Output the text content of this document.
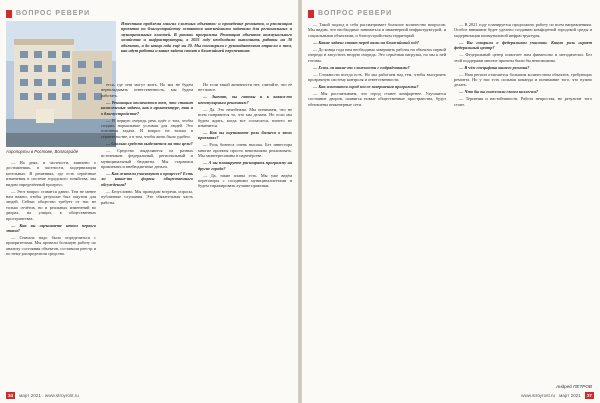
ВОПРОС РЕВЕРИ
Аэропорты в Ростове, Волгограде
Известная проблема многих сложных объектов: и проведение ремонтов, и реализация проектов по благоустройству остаются важнейшими задачами для региональных и муниципальных властей. В рамках программы Реновация объектов коммунального хозяйства и инфраструктуры, в 2021 году необходимо выполнить работы на 30 объектах, а до конца года ещё на 20. Мы поговорили с руководителями отрасли о том, как идут работы и какие задачи стоят в ближайшей перспективе.

— На днях, в частности, заявлено о достижениях, в частности, модернизации котельных. В решениях, где есть серьёзные изменения в системе городского хозяйства, мы видим определённый прогресс.

— Этот вопрос ставится давно. Тем не менее нам важно, чтобы результат был ощутим для людей. Сейчас общество требует от нас не только отчётов, но и реальных изменений во дворах, на улицах, в общественных пространствах.

— Как вы оцениваете итоги первого этапа?

— Сначала надо было определиться с приоритетами. Мы провели большую работу по анализу состояния объектов, составили реестр и по нему распределили средства.

ется, где они могут жить. Но мы не будем перекладывать ответственность, мы будем работать.

— Реновация отличается тем, что ставит комплексные задачи, как в архитектуре, так и в благоустройстве?

— В первую очередь речь идёт о том, чтобы создать нормальные условия для людей. Это основная задача. И вопрос не только в строительстве, а в том, чтобы жить было удобно.

— Сколько средств выделяется на эти цели?

— Средства выделяются из разных источников: федеральный, региональный и муниципальный бюджеты. Мы стараемся привлекать и внебюджетные деньги.

— Как жители участвуют в процессе? Есть ли какие-то формы общественного обсуждения?

— Безусловно. Мы проводим встречи, опросы, публичные слушания. Это обязательная часть работы.

Но если такой активности нет, считайте, что её нет вовсе.

— Значит, вы готовы и к каким-то непопулярным решениям?

— Да. Это неизбежно. Мы понимаем, что не всем понравится то, что мы делаем. Но если мы будем ждать, когда все согласятся, ничего не изменится.

— Как вы оцениваете роль бизнеса в этих проектах?

— Роль бизнеса очень высока. Без инвестора многие проекты просто невозможно реализовать. Мы заинтересованы в партнёрстве.

— А вы планируете расширять программу на другие города?

— Да, такие планы есть. Мы уже ведём переговоры с соседними муниципалитетами и будем тиражировать лучшие практики.

34	март 2021 www.stroyrost.ru
ВОПРОС РЕВЕРИ

— Такой подход в себя рассматривает большое количество вопросов. Мы видим, что необходимо заниматься и инженерной инфраструктурой, и социальными объектами, и благоустройством территорий.

— Какие задачи стоят перед вами на ближайший год?

— До конца года нам необходимо завершить работы на объектах первой очереди и запустить вторую очередь. Это серьёзная нагрузка, но мы к ней готовы.

— Есть ли какие-то сложности с подрядчиками?

— Сложности всегда есть. Но мы работаем над тем, чтобы выстроить прозрачную систему контроля и ответственности.

— Как изменится город после завершения программы?

— Мы рассчитываем, что город станет комфортнее. Улучшится состояние дворов, появятся новые общественные пространства, будут обновлены инженерные сети.

— В 2021 году планируется продолжить работу по всем направлениям. Особое внимание будет уделено созданию комфортной городской среды и модернизации коммунальной инфраструктуры.

— Вы говорили о федеральном участии. Какую роль играет федеральный центр?

— Федеральный центр помогает нам финансово и методически. Без этой поддержки многие проекты были бы невозможны.

— В чём специфика вашего региона?

— Наш регион отличается большим количеством объектов, требующих ремонта. Но у нас есть сильная команда и понимание того, что нужно делать.

— Что бы вы пожелали своим коллегам?

— Терпения и настойчивости. Работа непростая, но результат того стоит.

Андрей ПЕТРОВ
www.stroyrost.ru март 2021	37
